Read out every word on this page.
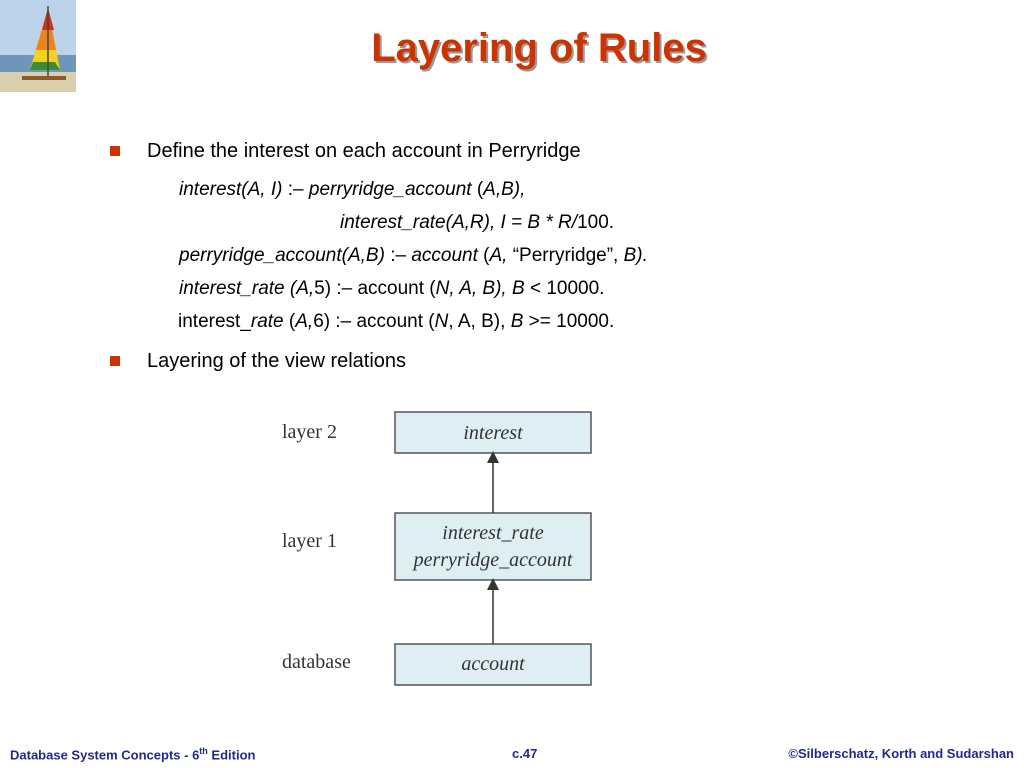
Layering of Rules
Define the interest on each account in Perryridge
interest(A, I) :– perryridge_account (A,B),
interest_rate(A,R), I = B * R/100.
perryridge_account(A,B) :– account (A, “Perryridge”, B).
interest_rate (A,5) :– account (N, A, B), B < 10000.
interest_rate (A,6) :– account (N, A, B), B >= 10000.
Layering of the view relations
layer 2
layer 1
database
interest
interest_rate
perryridge_account
account
Database System Concepts - 6th Edition	c.47	©Silberschatz, Korth and Sudarshan
